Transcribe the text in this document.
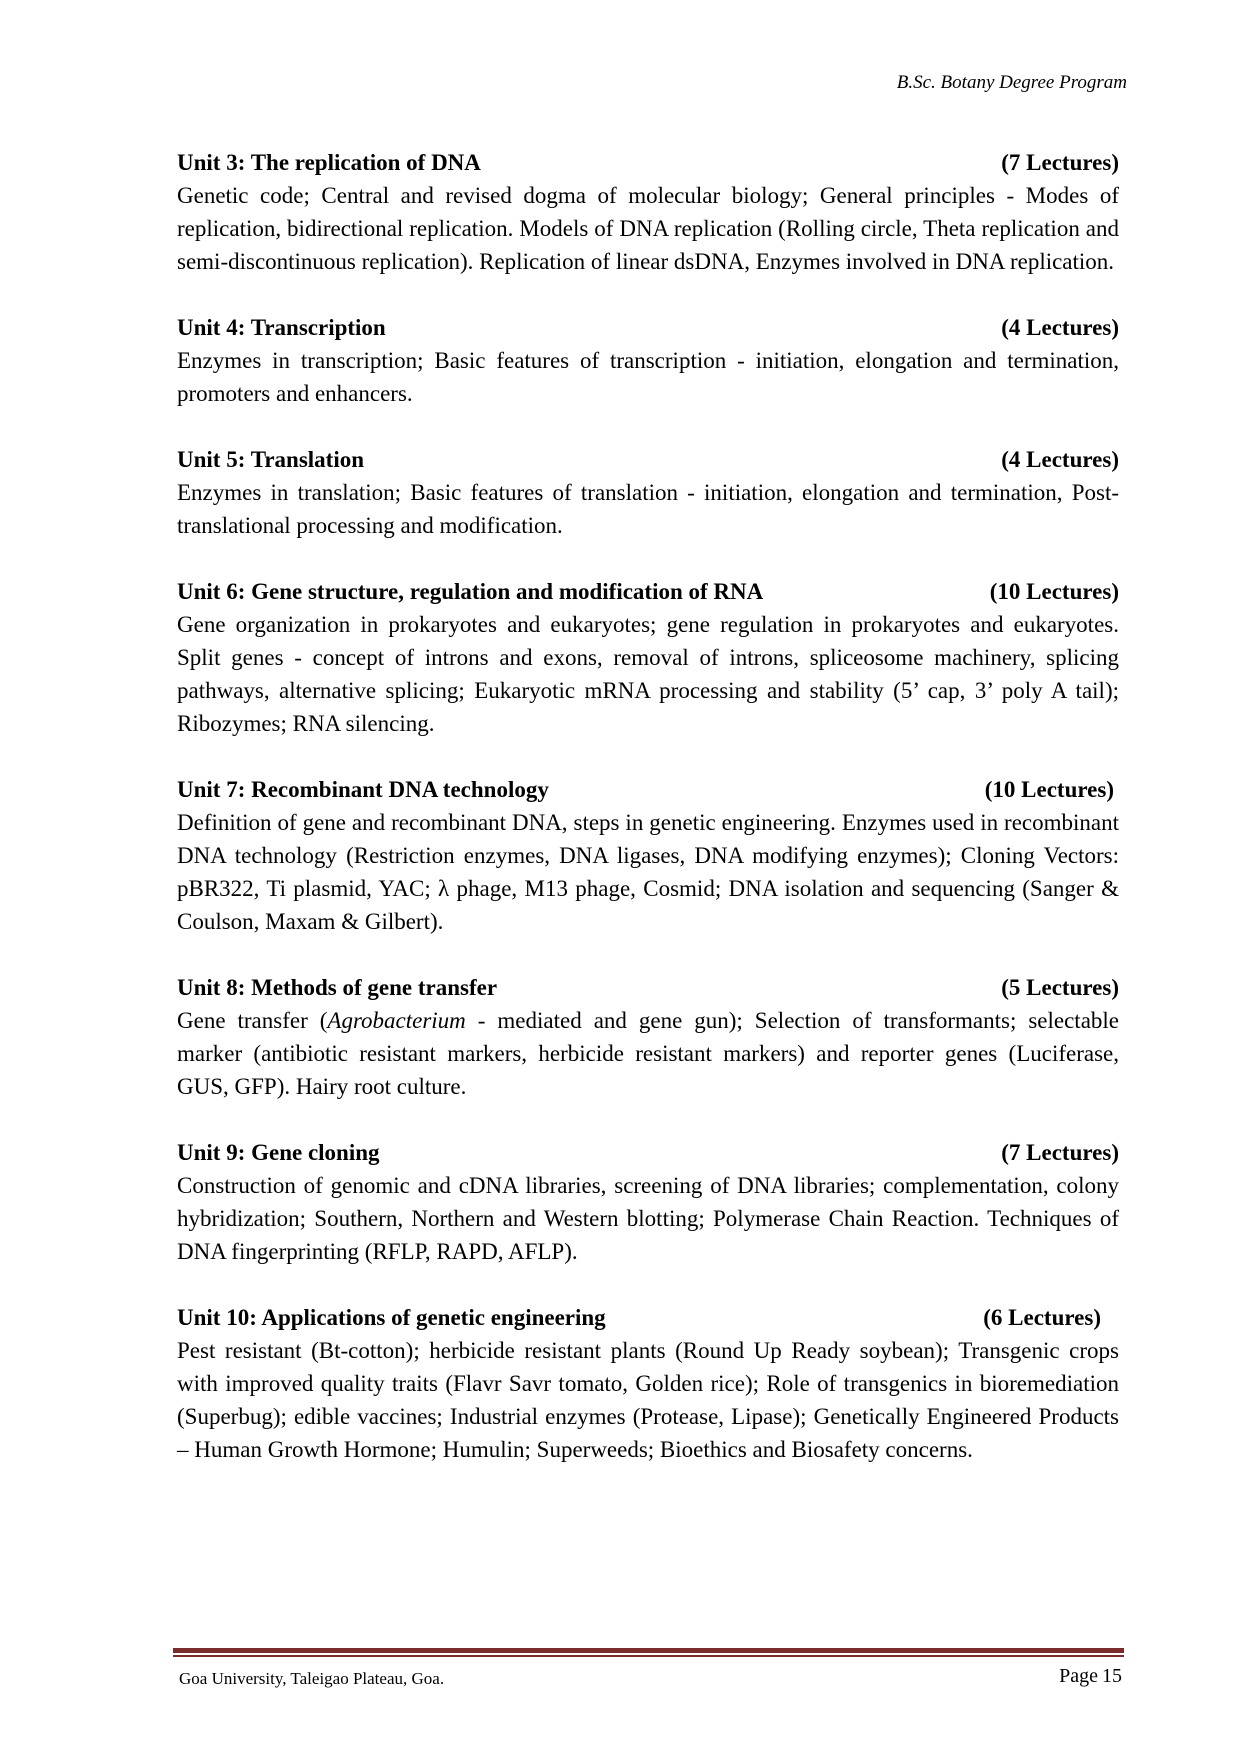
B.Sc. Botany Degree Program
Unit 3: The replication of DNA	(7 Lectures)
Genetic code; Central and revised dogma of molecular biology; General principles - Modes of replication, bidirectional replication. Models of DNA replication (Rolling circle, Theta replication and semi-discontinuous replication). Replication of linear dsDNA, Enzymes involved in DNA replication.
Unit 4: Transcription	(4 Lectures)
Enzymes in transcription; Basic features of transcription - initiation, elongation and termination, promoters and enhancers.
Unit 5: Translation	(4 Lectures)
Enzymes in translation; Basic features of translation - initiation, elongation and termination, Post-translational processing and modification.
Unit 6: Gene structure, regulation and modification of RNA	(10 Lectures)
Gene organization in prokaryotes and eukaryotes; gene regulation in prokaryotes and eukaryotes. Split genes - concept of introns and exons, removal of introns, spliceosome machinery, splicing pathways, alternative splicing; Eukaryotic mRNA processing and stability (5’ cap, 3’ poly A tail); Ribozymes; RNA silencing.
Unit 7: Recombinant DNA technology	(10 Lectures)
Definition of gene and recombinant DNA, steps in genetic engineering. Enzymes used in recombinant DNA technology (Restriction enzymes, DNA ligases, DNA modifying enzymes); Cloning Vectors: pBR322, Ti plasmid, YAC; λ phage, M13 phage, Cosmid; DNA isolation and sequencing (Sanger & Coulson, Maxam & Gilbert).
Unit 8: Methods of gene transfer	(5 Lectures)
Gene transfer (Agrobacterium - mediated and gene gun); Selection of transformants; selectable marker (antibiotic resistant markers, herbicide resistant markers) and reporter genes (Luciferase, GUS, GFP). Hairy root culture.
Unit 9: Gene cloning	(7 Lectures)
Construction of genomic and cDNA libraries, screening of DNA libraries; complementation, colony hybridization; Southern, Northern and Western blotting; Polymerase Chain Reaction. Techniques of DNA fingerprinting (RFLP, RAPD, AFLP).
Unit 10: Applications of genetic engineering	(6 Lectures)
Pest resistant (Bt-cotton); herbicide resistant plants (Round Up Ready soybean); Transgenic crops with improved quality traits (Flavr Savr tomato, Golden rice); Role of transgenics in bioremediation (Superbug); edible vaccines; Industrial enzymes (Protease, Lipase); Genetically Engineered Products – Human Growth Hormone; Humulin; Superweeds; Bioethics and Biosafety concerns.
Goa University, Taleigao Plateau, Goa.	Page 15
